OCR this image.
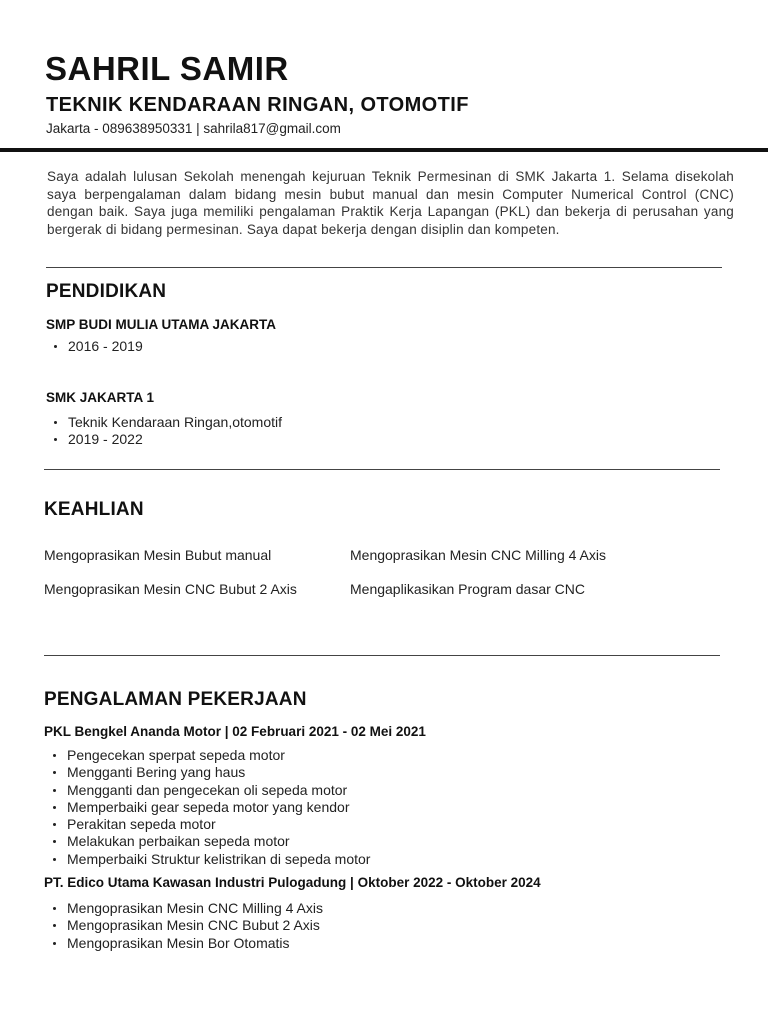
SAHRIL SAMIR
TEKNIK KENDARAAN RINGAN, OTOMOTIF
Jakarta - 089638950331 | sahrila817@gmail.com

Saya adalah lulusan Sekolah menengah kejuruan Teknik Permesinan di SMK Jakarta 1. Selama disekolah saya berpengalaman dalam bidang mesin bubut manual dan mesin Computer Numerical Control (CNC) dengan baik. Saya juga memiliki pengalaman Praktik Kerja Lapangan (PKL) dan bekerja di perusahan yang bergerak di bidang permesinan. Saya dapat bekerja dengan disiplin dan kompeten.

PENDIDIKAN
SMP BUDI MULIA UTAMA JAKARTA
2016 - 2019
SMK JAKARTA 1
Teknik Kendaraan Ringan,otomotif
2019 - 2022
KEAHLIAN
Mengoprasikan Mesin Bubut manual	Mengoprasikan Mesin CNC Milling 4 Axis
Mengoprasikan Mesin CNC Bubut 2 Axis	Mengaplikasikan Program dasar CNC
PENGALAMAN PEKERJAAN
PKL Bengkel Ananda Motor | 02 Februari 2021 - 02 Mei 2021
Pengecekan sperpat sepeda motor
Mengganti Bering yang haus
Mengganti dan pengecekan oli sepeda motor
Memperbaiki gear sepeda motor yang kendor
Perakitan sepeda motor
Melakukan perbaikan sepeda motor
Memperbaiki Struktur kelistrikan di sepeda motor
PT. Edico Utama Kawasan Industri Pulogadung | Oktober 2022 - Oktober 2024
Mengoprasikan Mesin CNC Milling 4 Axis
Mengoprasikan Mesin CNC Bubut 2 Axis
Mengoprasikan Mesin Bor Otomatis
